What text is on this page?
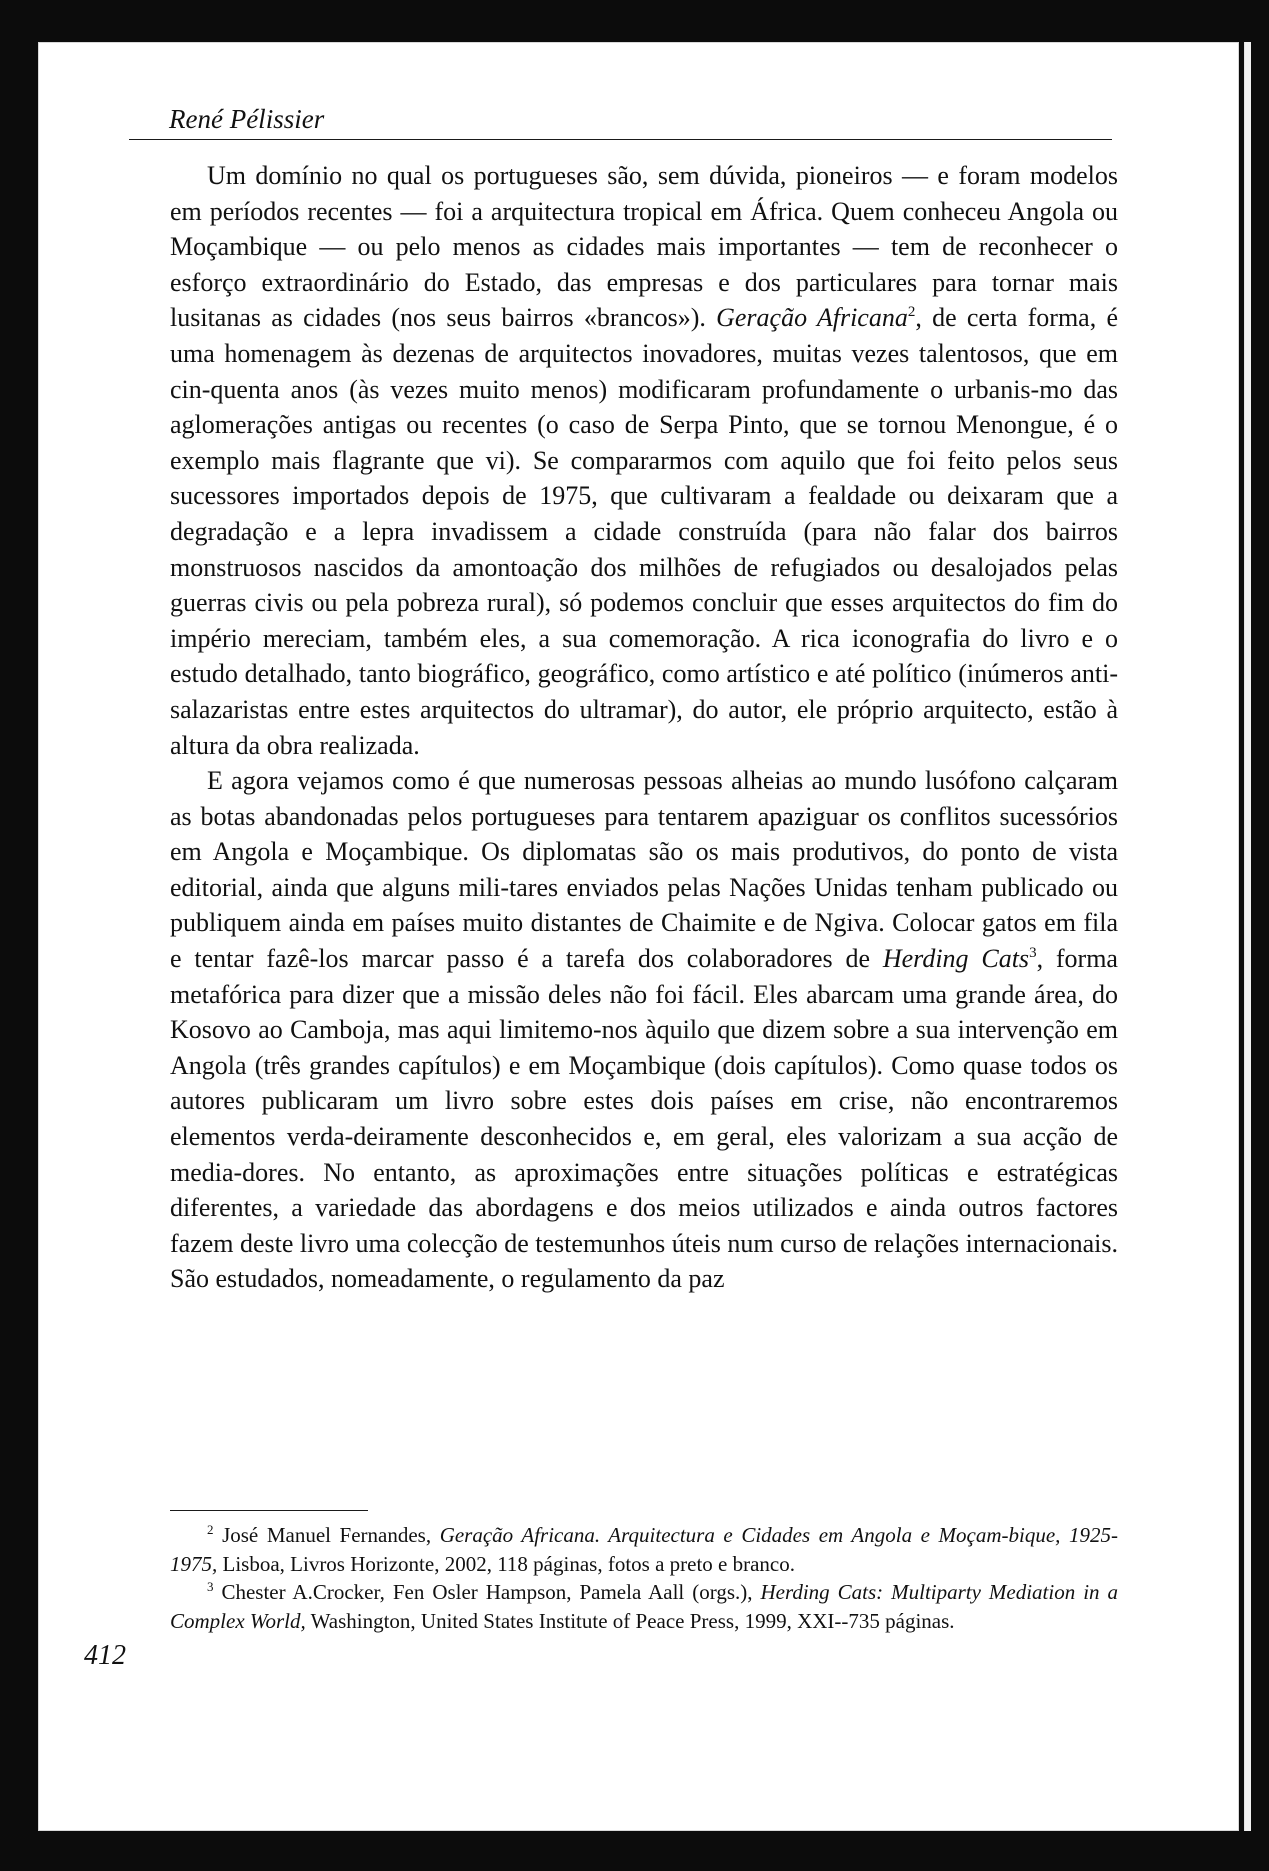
René Pélissier

Um domínio no qual os portugueses são, sem dúvida, pioneiros — e foram modelos em períodos recentes — foi a arquitectura tropical em África. Quem conheceu Angola ou Moçambique — ou pelo menos as cidades mais importantes — tem de reconhecer o esforço extraordinário do Estado, das empresas e dos particulares para tornar mais lusitanas as cidades (nos seus bairros «brancos»). Geração Africana$^2$, de certa forma, é uma homenagem às dezenas de arquitectos inovadores, muitas vezes talentosos, que em cin-quenta anos (às vezes muito menos) modificaram profundamente o urbanis-mo das aglomerações antigas ou recentes (o caso de Serpa Pinto, que se tornou Menongue, é o exemplo mais flagrante que vi). Se compararmos com aquilo que foi feito pelos seus sucessores importados depois de 1975, que cultivaram a fealdade ou deixaram que a degradação e a lepra invadissem a cidade construída (para não falar dos bairros monstruosos nascidos da amontoação dos milhões de refugiados ou desalojados pelas guerras civis ou pela pobreza rural), só podemos concluir que esses arquitectos do fim do império mereciam, também eles, a sua comemoração. A rica iconografia do livro e o estudo detalhado, tanto biográfico, geográfico, como artístico e até político (inúmeros anti-salazaristas entre estes arquitectos do ultramar), do autor, ele próprio arquitecto, estão à altura da obra realizada.

E agora vejamos como é que numerosas pessoas alheias ao mundo lusófono calçaram as botas abandonadas pelos portugueses para tentarem apaziguar os conflitos sucessórios em Angola e Moçambique. Os diplomatas são os mais produtivos, do ponto de vista editorial, ainda que alguns mili-tares enviados pelas Nações Unidas tenham publicado ou publiquem ainda em países muito distantes de Chaimite e de Ngiva. Colocar gatos em fila e tentar fazê-los marcar passo é a tarefa dos colaboradores de Herding Cats$^3$, forma metafórica para dizer que a missão deles não foi fácil. Eles abarcam uma grande área, do Kosovo ao Camboja, mas aqui limitemo-nos àquilo que dizem sobre a sua intervenção em Angola (três grandes capítulos) e em Moçambique (dois capítulos). Como quase todos os autores publicaram um livro sobre estes dois países em crise, não encontraremos elementos verda-deiramente desconhecidos e, em geral, eles valorizam a sua acção de media-dores. No entanto, as aproximações entre situações políticas e estratégicas diferentes, a variedade das abordagens e dos meios utilizados e ainda outros factores fazem deste livro uma colecção de testemunhos úteis num curso de relações internacionais. São estudados, nomeadamente, o regulamento da paz

$^2$ José Manuel Fernandes, Geração Africana. Arquitectura e Cidades em Angola e Moçam-bique, 1925-1975, Lisboa, Livros Horizonte, 2002, 118 páginas, fotos a preto e branco.

$^3$ Chester A.Crocker, Fen Osler Hampson, Pamela Aall (orgs.), Herding Cats: Multiparty Mediation in a Complex World, Washington, United States Institute of Peace Press, 1999, XXI--735 páginas.

412
